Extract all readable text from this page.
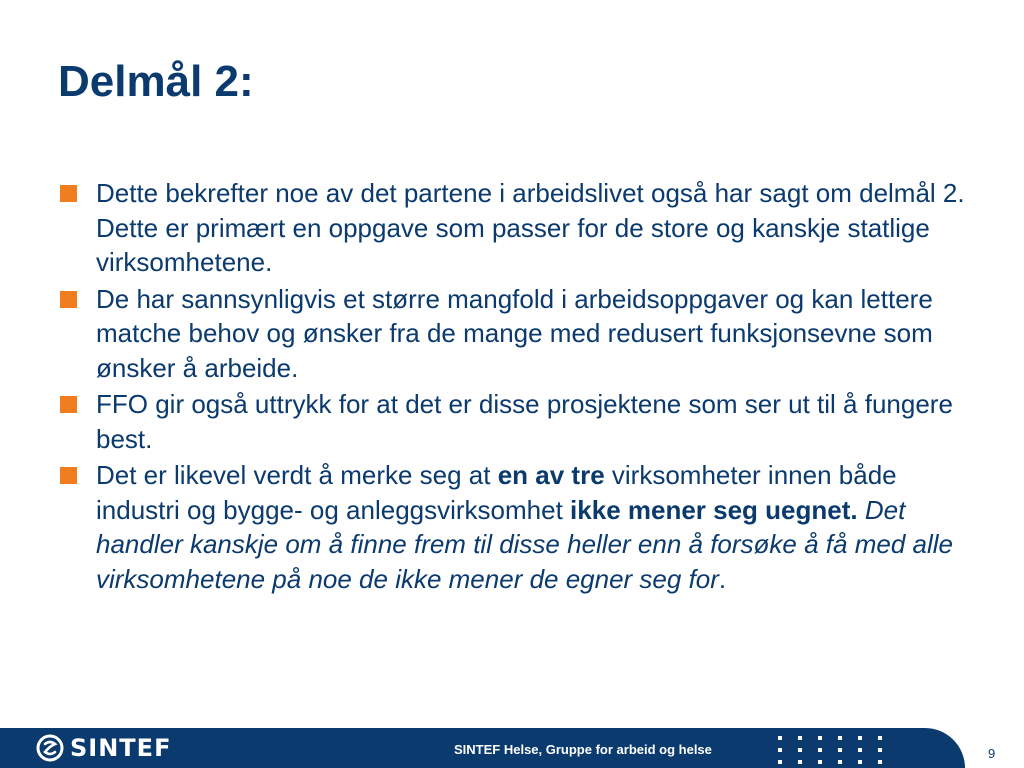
Delmål 2:
Dette bekrefter noe av det partene i arbeidslivet også har sagt om delmål 2. Dette er primært en oppgave som passer for de store og kanskje statlige virksomhetene.
De har sannsynligvis et større mangfold i arbeidsoppgaver og kan lettere matche behov og ønsker fra de mange med redusert funksjonsevne som ønsker å arbeide.
FFO gir også uttrykk for at det er disse prosjektene som ser ut til å fungere best.
Det er likevel verdt å merke seg at en av tre virksomheter innen både industri og bygge- og anleggsvirksomhet ikke mener seg uegnet. Det handler kanskje om å finne frem til disse heller enn å forsøke å få med alle virksomhetene på noe de ikke mener de egner seg for.
SINTEF	SINTEF Helse, Gruppe for arbeid og helse	9
